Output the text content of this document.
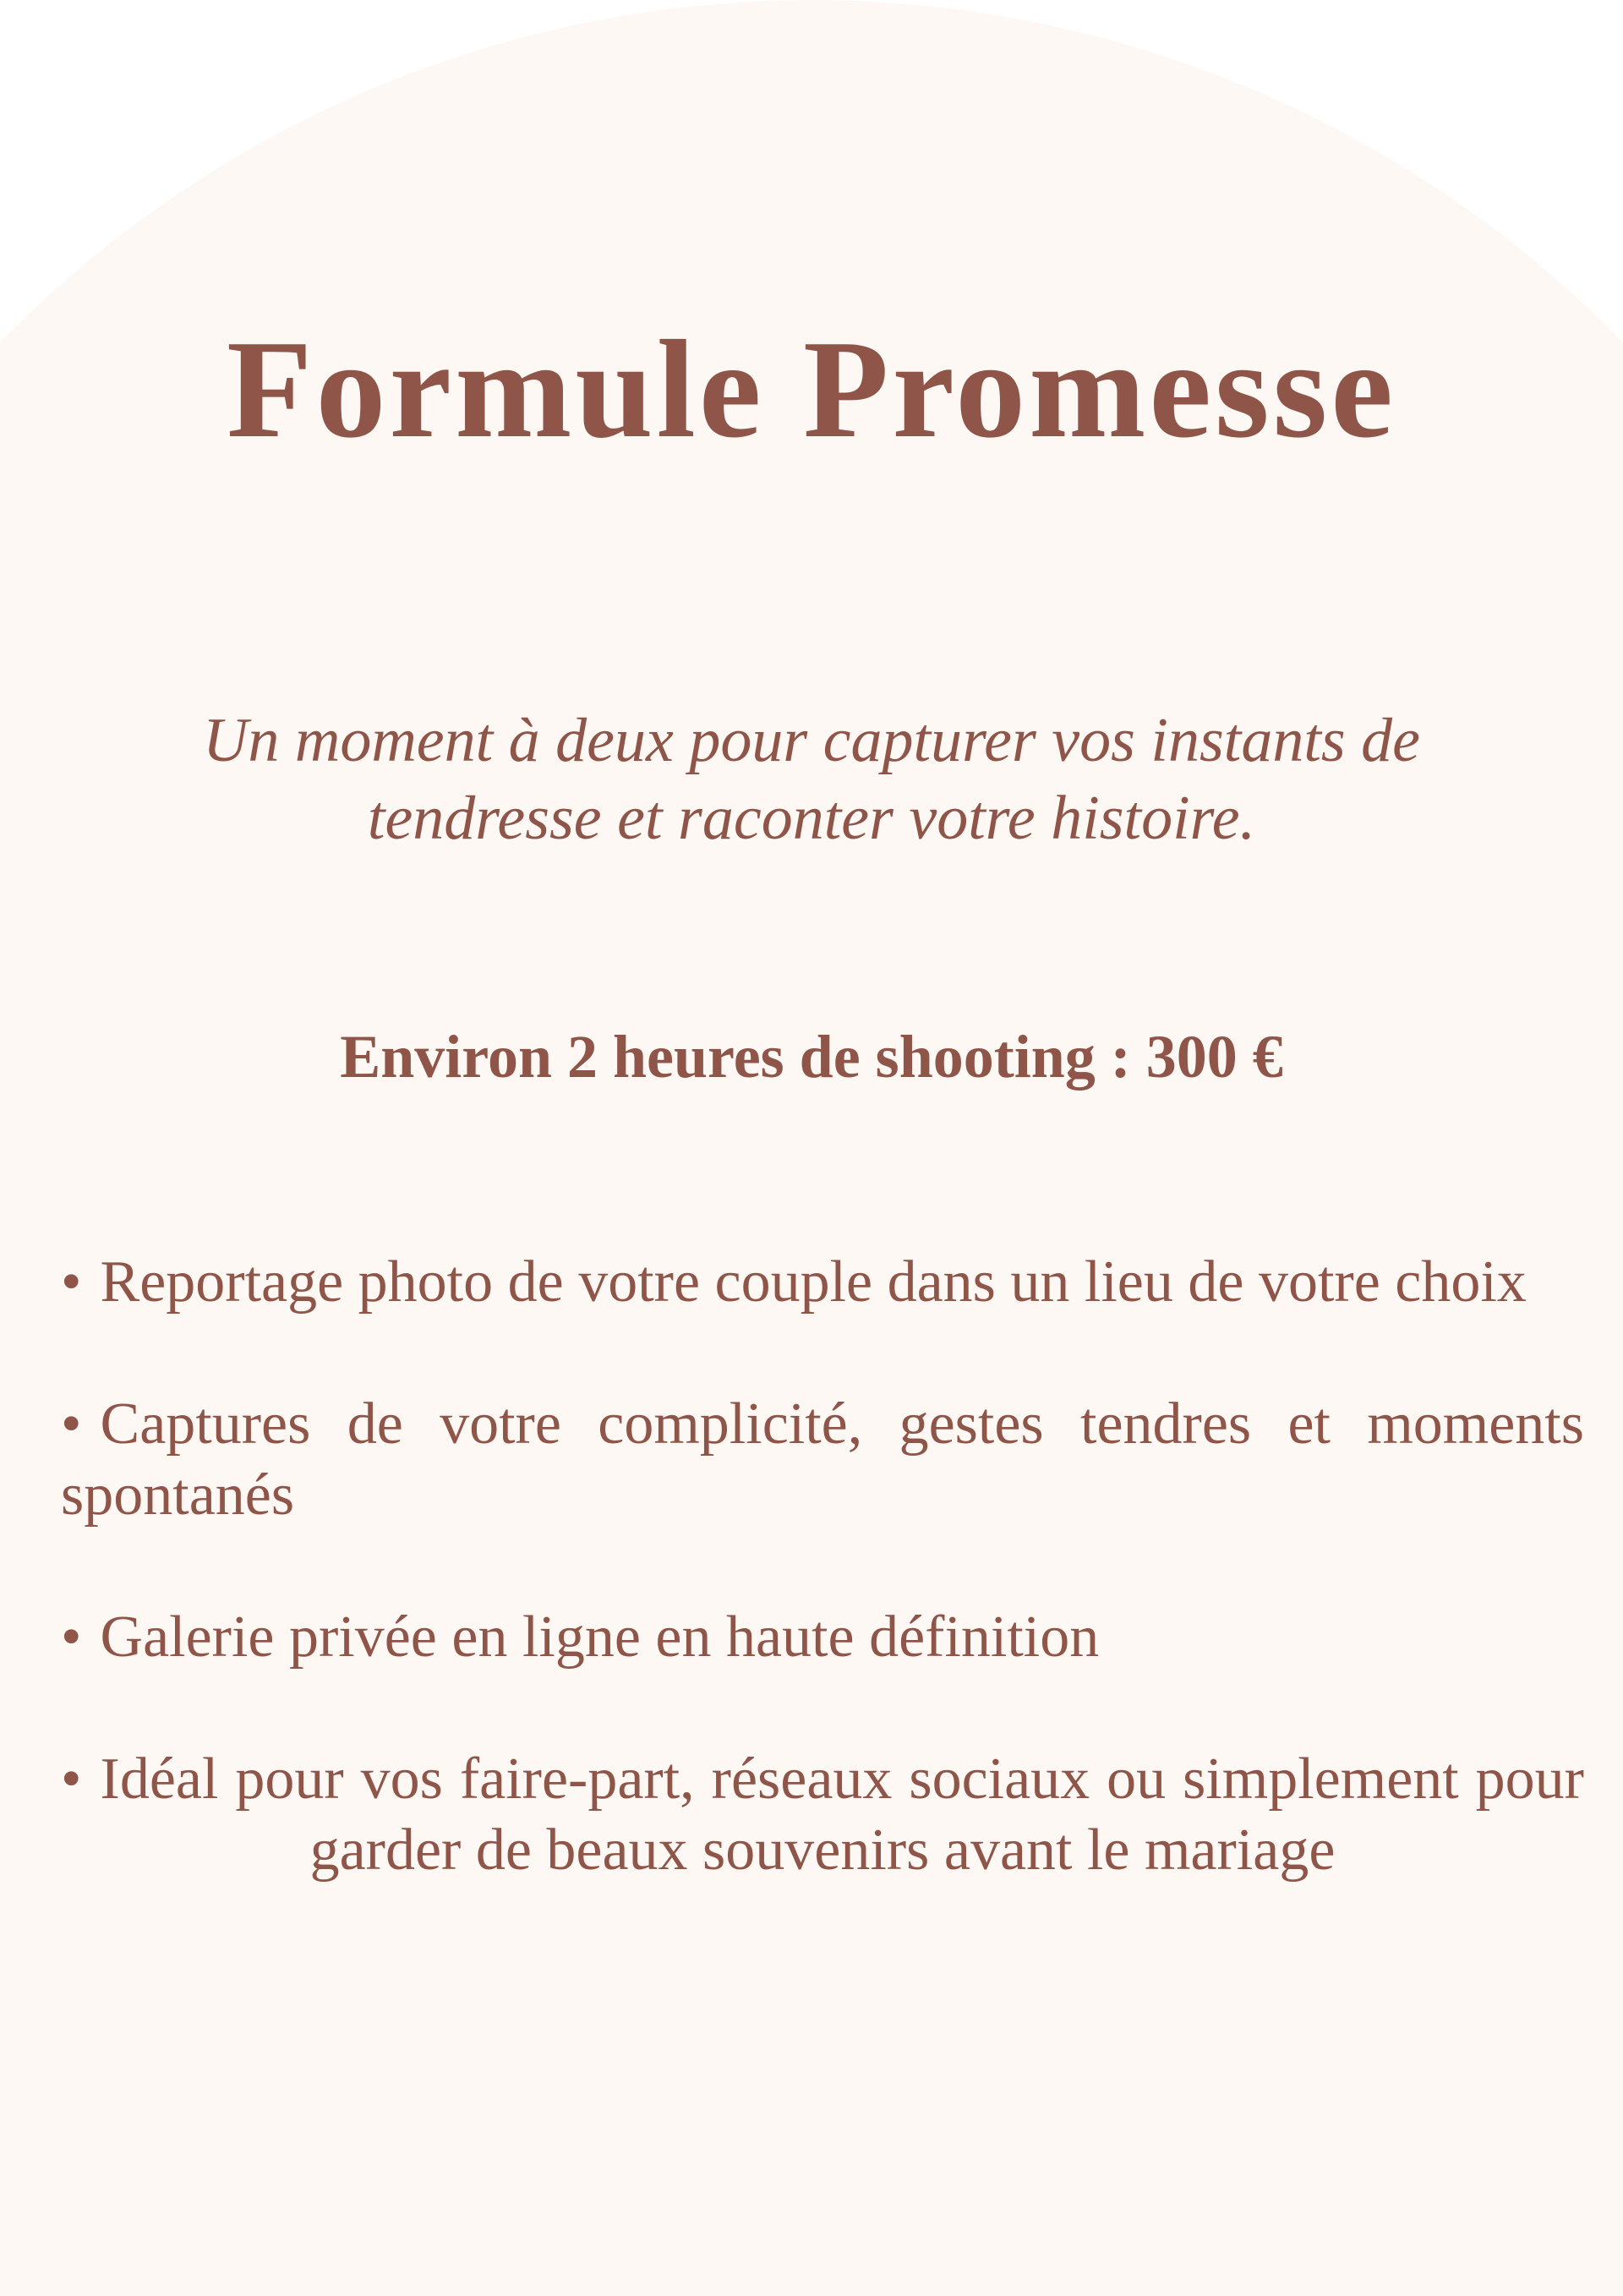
Formule Promesse

Un moment à deux pour capturer vos instants de tendresse et raconter votre histoire.

Environ 2 heures de shooting : 300 €

• Reportage photo de votre couple dans un lieu de votre choix
• Captures de votre complicité, gestes tendres et moments spontanés
• Galerie privée en ligne en haute définition
• Idéal pour vos faire-part, réseaux sociaux ou simplement pour garder de beaux souvenirs avant le mariage
